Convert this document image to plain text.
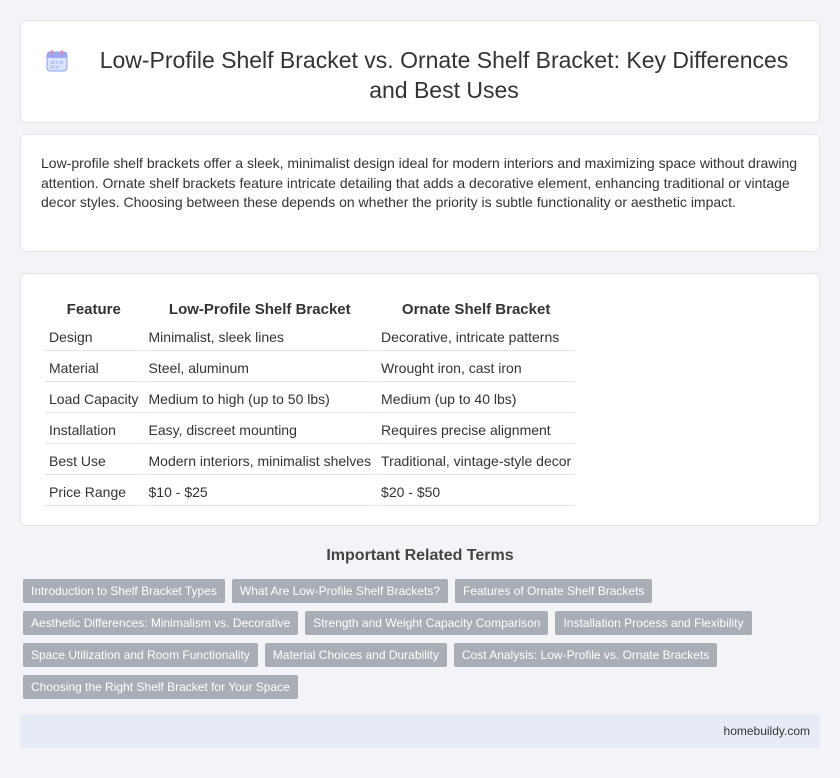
Low-Profile Shelf Bracket vs. Ornate Shelf Bracket: Key Differences and Best Uses

Low-profile shelf brackets offer a sleek, minimalist design ideal for modern interiors and maximizing space without drawing attention. Ornate shelf brackets feature intricate detailing that adds a decorative element, enhancing traditional or vintage decor styles. Choosing between these depends on whether the priority is subtle functionality or aesthetic impact.

Feature	Low-Profile Shelf Bracket	Ornate Shelf Bracket
Design	Minimalist, sleek lines	Decorative, intricate patterns
Material	Steel, aluminum	Wrought iron, cast iron
Load Capacity	Medium to high (up to 50 lbs)	Medium (up to 40 lbs)
Installation	Easy, discreet mounting	Requires precise alignment
Best Use	Modern interiors, minimalist shelves	Traditional, vintage-style decor
Price Range	$10 - $25	$20 - $50
Important Related Terms
Introduction to Shelf Bracket Types	What Are Low-Profile Shelf Brackets?	Features of Ornate Shelf Brackets
Aesthetic Differences: Minimalism vs. Decorative	Strength and Weight Capacity Comparison	Installation Process and Flexibility
Space Utilization and Room Functionality	Material Choices and Durability	Cost Analysis: Low-Profile vs. Ornate Brackets
Choosing the Right Shelf Bracket for Your Space
homebuildy.com
